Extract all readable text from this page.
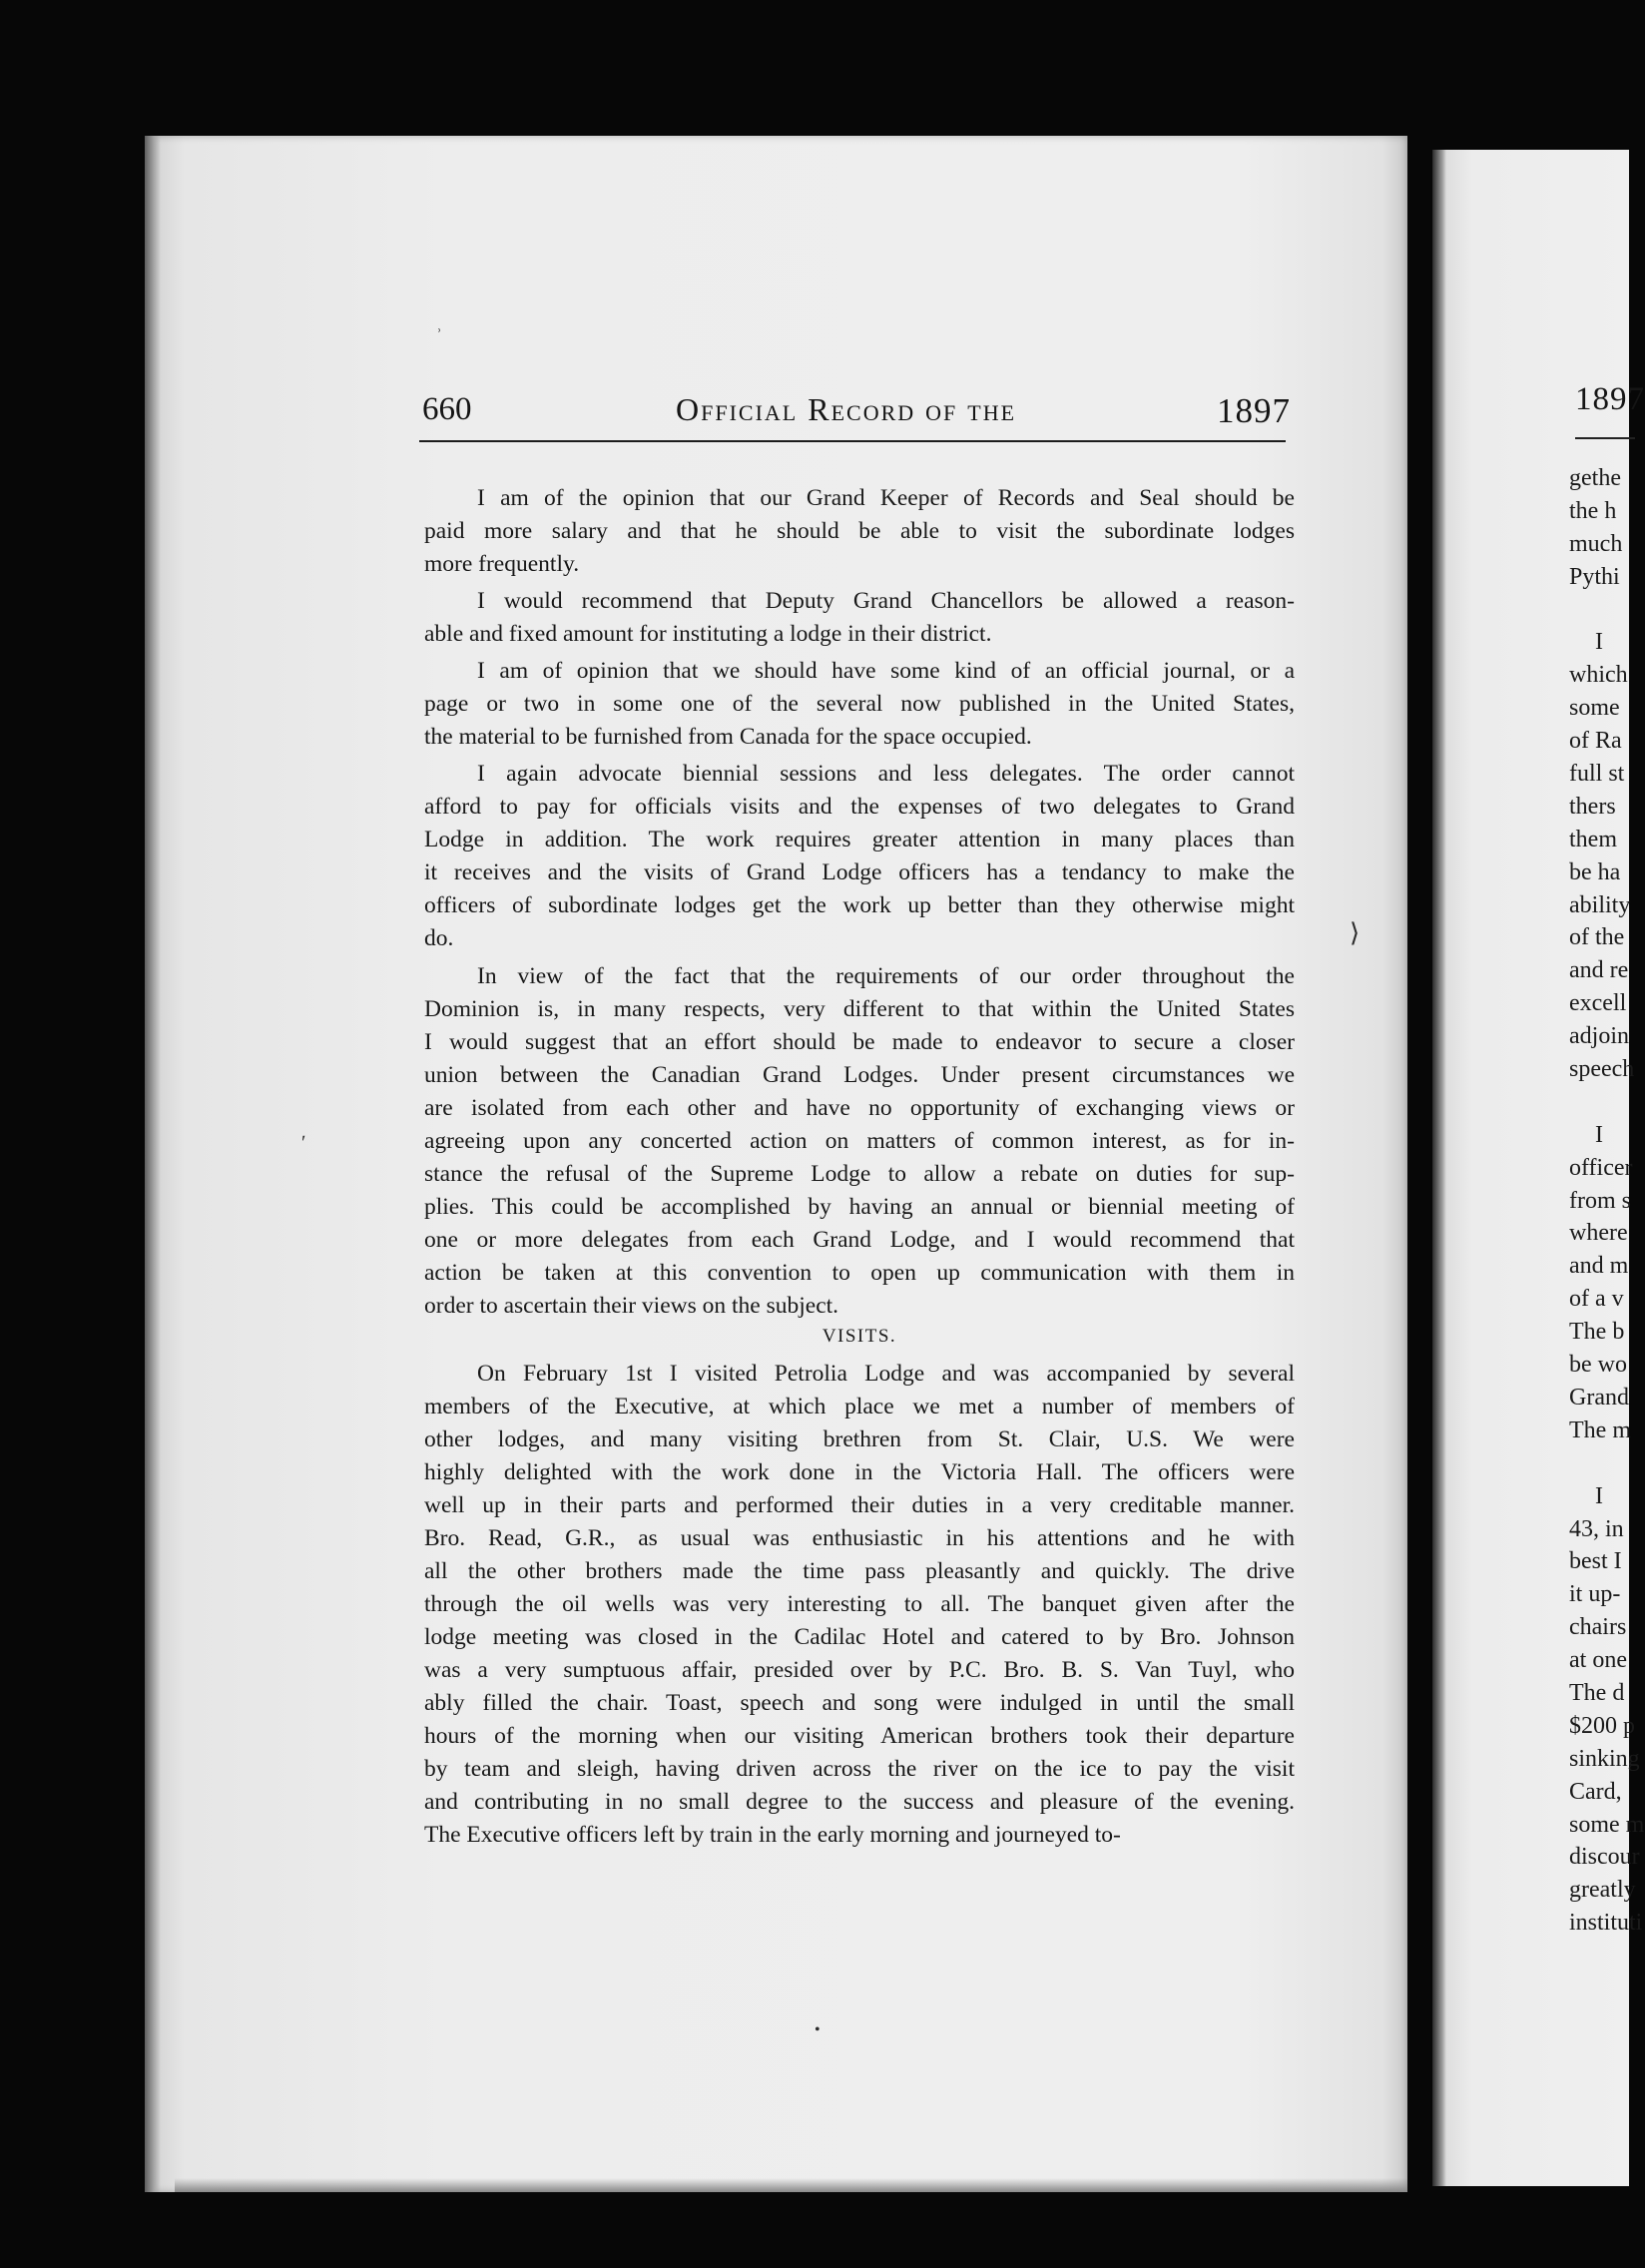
1897
gethe
the h
much
Pythi
I
which
some
of Ra
full st
thers
them
be ha
ability
of the
and re
excell
adjoin
speech
I
officer
from s
where
and m
of a v
The b
be wo
Grand
The m
I
43, in
best I
it up-
chairs
at one
The d
$200 p
sinking
Card,
some m
discour
greatly
instituti
660	Official Record of the	1897
I am of the opinion that our Grand Keeper of Records and Seal should be
paid more salary and that he should be able to visit the subordinate lodges
more frequently.
I would recommend that Deputy Grand Chancellors be allowed a reason-
able and fixed amount for instituting a lodge in their district.
I am of opinion that we should have some kind of an official journal, or a
page or two in some one of the several now published in the United States,
the material to be furnished from Canada for the space occupied.
I again advocate biennial sessions and less delegates. The order cannot
afford to pay for officials visits and the expenses of two delegates to Grand
Lodge in addition. The work requires greater attention in many places than
it receives and the visits of Grand Lodge officers has a tendancy to make the
officers of subordinate lodges get the work up better than they otherwise might
do.
In view of the fact that the requirements of our order throughout the
Dominion is, in many respects, very different to that within the United States
I would suggest that an effort should be made to endeavor to secure a closer
union between the Canadian Grand Lodges. Under present circumstances we
are isolated from each other and have no opportunity of exchanging views or
agreeing upon any concerted action on matters of common interest, as for in-
stance the refusal of the Supreme Lodge to allow a rebate on duties for sup-
plies. This could be accomplished by having an annual or biennial meeting of
one or more delegates from each Grand Lodge, and I would recommend that
action be taken at this convention to open up communication with them in
order to ascertain their views on the subject.
VISITS.
On February 1st I visited Petrolia Lodge and was accompanied by several
members of the Executive, at which place we met a number of members of
other lodges, and many visiting brethren from St. Clair, U.S. We were
highly delighted with the work done in the Victoria Hall. The officers were
well up in their parts and performed their duties in a very creditable manner.
Bro. Read, G.R., as usual was enthusiastic in his attentions and he with
all the other brothers made the time pass pleasantly and quickly. The drive
through the oil wells was very interesting to all. The banquet given after the
lodge meeting was closed in the Cadilac Hotel and catered to by Bro. Johnson
was a very sumptuous affair, presided over by P.C. Bro. B. S. Van Tuyl, who
ably filled the chair. Toast, speech and song were indulged in until the small
hours of the morning when our visiting American brothers took their departure
by team and sleigh, having driven across the river on the ice to pay the visit
and contributing in no small degree to the success and pleasure of the evening.
The Executive officers left by train in the early morning and journeyed to-
ʾ
⟩
ʹ
•
